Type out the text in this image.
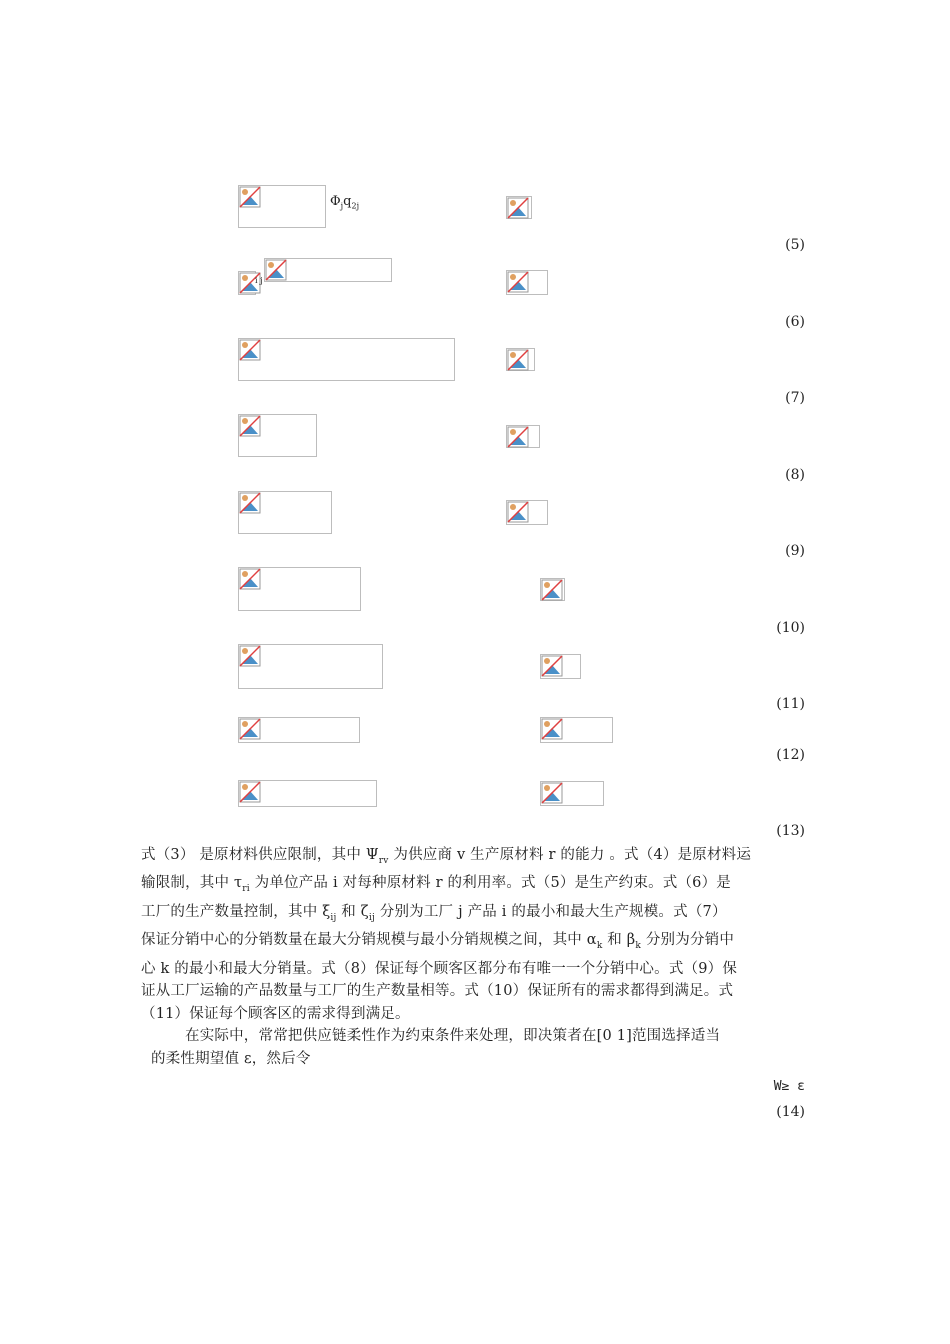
$\Phi_jq_{2j}$
(5)
i j
(6)
(7)
(8)
(9)
(10)
(11)
(12)
(13)
式（3） 是原材料供应限制，其中 $\Psi_{rv}$ 为供应商 v 生产原材料 r 的能力 。式（4）是原材料运
输限制，其中 $\tau_{ri}$ 为单位产品 i 对每种原材料 r 的利用率。式（5）是生产约束。式（6）是
工厂的生产数量控制，其中 $\xi_{ij}$ 和 $\zeta_{ij}$ 分别为工厂 j 产品 i 的最小和最大生产规模。式（7）
保证分销中心的分销数量在最大分销规模与最小分销规模之间，其中 $\alpha_k$ 和 $\beta_k$ 分别为分销中
心 k 的最小和最大分销量。式（8）保证每个顾客区都分布有唯一一个分销中心。式（9）保
证从工厂运输的产品数量与工厂的生产数量相等。式（10）保证所有的需求都得到满足。式
（11）保证每个顾客区的需求得到满足。
在实际中，常常把供应链柔性作为约束条件来处理，即决策者在[0 1]范围选择适当
的柔性期望值 ε，然后令
W≥ ε
(14)
